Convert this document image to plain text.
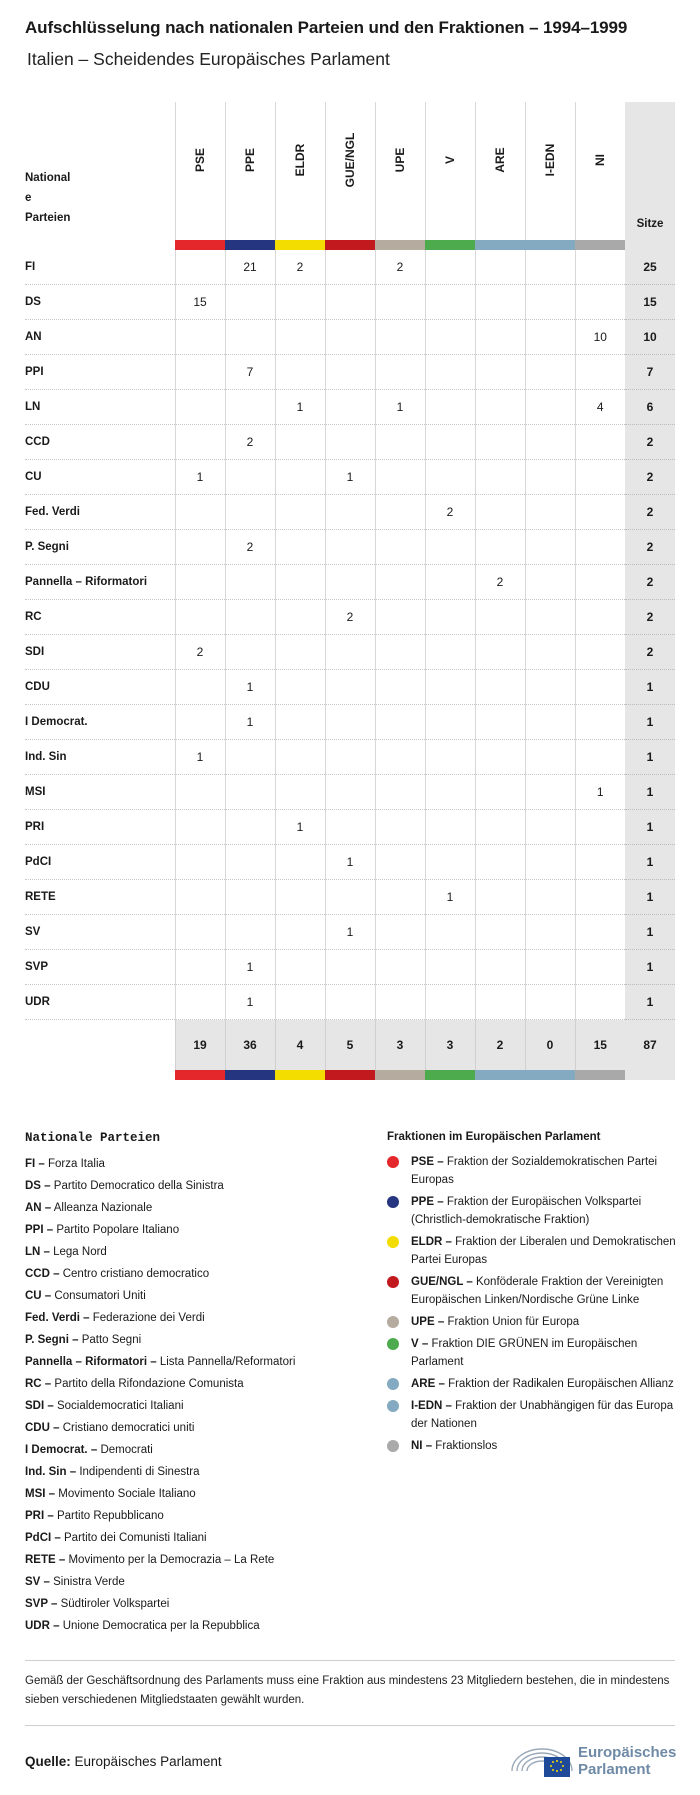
Aufschlüsselung nach nationalen Parteien und den Fraktionen – 1994–1999
Italien – Scheidendes Europäisches Parlament
National
e
Parteien	PSE	PPE	ELDR	GUE/NGL	UPE	V	ARE	I-EDN	NI	Sitze

FI		21	2		2					25
DS	15									15
AN									10	10
PPI		7								7
LN			1		1				4	6
CCD		2								2
CU	1			1						2
Fed. Verdi						2				2
P. Segni		2								2
Pannella – Riformatori							2			2
RC				2						2
SDI	2									2
CDU		1								1
I Democrat.		1								1
Ind. Sin	1									1
MSI									1	1
PRI			1							1
PdCI				1						1
RETE						1				1
SV				1						1
SVP		1								1
UDR		1								1
	19	36	4	5	3	3	2	0	15	87

Nationale Parteien
FI – Forza Italia
DS – Partito Democratico della Sinistra
AN – Alleanza Nazionale
PPI – Partito Popolare Italiano
LN – Lega Nord
CCD – Centro cristiano democratico
CU – Consumatori Uniti
Fed. Verdi – Federazione dei Verdi
P. Segni – Patto Segni
Pannella – Riformatori – Lista Pannella/Reformatori
RC – Partito della Rifondazione Comunista
SDI – Socialdemocratici Italiani
CDU – Cristiano democratici uniti
I Democrat. – Democrati
Ind. Sin – Indipendenti di Sinestra
MSI – Movimento Sociale Italiano
PRI – Partito Repubblicano
PdCI – Partito dei Comunisti Italiani
RETE – Movimento per la Democrazia – La Rete
SV – Sinistra Verde
SVP – Südtiroler Volkspartei
UDR – Unione Democratica per la Repubblica
Fraktionen im Europäischen Parlament
PSE – Fraktion der Sozialdemokratischen Partei Europas
PPE – Fraktion der Europäischen Volkspartei (Christlich-demokratische Fraktion)
ELDR – Fraktion der Liberalen und Demokratischen Partei Europas
GUE/NGL – Konföderale Fraktion der Vereinigten Europäischen Linken/Nordische Grüne Linke
UPE – Fraktion Union für Europa
V – Fraktion DIE GRÜNEN im Europäischen Parlament
ARE – Fraktion der Radikalen Europäischen Allianz
I-EDN – Fraktion der Unabhängigen für das Europa der Nationen
NI – Fraktionslos
Gemäß der Geschäftsordnung des Parlaments muss eine Fraktion aus mindestens 23 Mitgliedern bestehen, die in mindestens sieben verschiedenen Mitgliedstaaten gewählt wurden.
Quelle: Europäisches Parlament
Europäisches
Parlament
